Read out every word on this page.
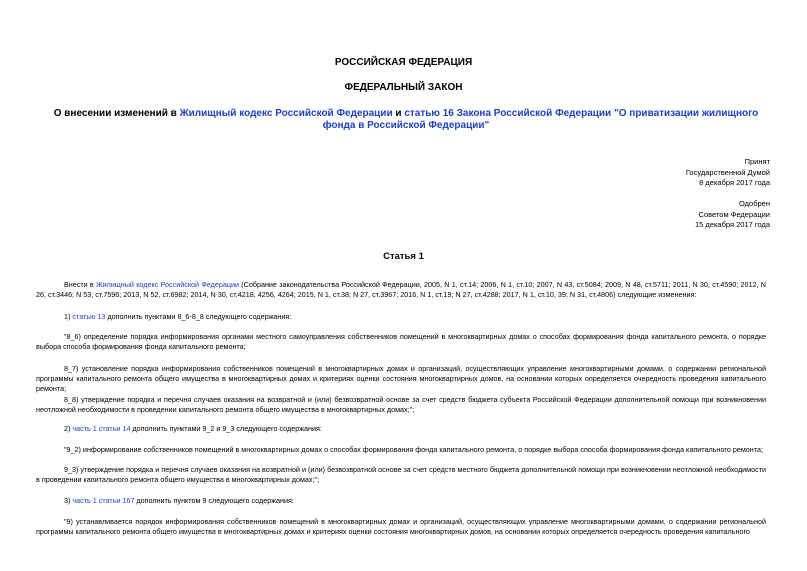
РОССИЙСКАЯ ФЕДЕРАЦИЯ
ФЕДЕРАЛЬНЫЙ ЗАКОН
О внесении изменений в Жилищный кодекс Российской Федерации и статью 16 Закона Российской Федерации "О приватизации жилищного фонда в Российской Федерации"
Принят
Государственной Думой
8 декабря 2017 года
Одобрен
Советом Федерации
15 декабря 2017 года
Статья 1
Внести в Жилищный кодекс Российской Федерации (Собрание законодательства Российской Федерации, 2005, N 1, ст.14; 2006, N 1, ст.10; 2007, N 43, ст.5084; 2009, N 48, ст.5711; 2011, N 30, ст.4590; 2012, N 26, ст.3446; N 53, ст.7596; 2013, N 52, ст.6982; 2014, N 30, ст.4218, 4256, 4264; 2015, N 1, ст.38; N 27, ст.3967; 2016, N 1, ст.19; N 27, ст.4288; 2017, N 1, ст.10, 39; N 31, ст.4806) следующие изменения:
1) статью 13 дополнить пунктами 8_6-8_8 следующего содержания:
"8_6) определение порядка информирования органами местного самоуправления собственников помещений в многоквартирных домах о способах формирования фонда капитального ремонта, о порядке выбора способа формирования фонда капитального ремонта;
8_7) установление порядка информирования собственников помещений в многоквартирных домах и организаций, осуществляющих управление многоквартирными домами, о содержании региональной программы капитального ремонта общего имущества в многоквартирных домах и критериях оценки состояния многоквартирных домов, на основании которых определяется очередность проведения капитального ремонта;
8_8) утверждение порядка и перечня случаев оказания на возвратной и (или) безвозвратной основе за счет средств бюджета субъекта Российской Федерации дополнительной помощи при возникновении неотложной необходимости в проведении капитального ремонта общего имущества в многоквартирных домах;";
2) часть 1 статьи 14 дополнить пунктами 9_2 и 9_3 следующего содержания:
"9_2) информирование собственников помещений в многоквартирных домах о способах формирования фонда капитального ремонта, о порядке выбора способа формирования фонда капитального ремонта;
9_3) утверждение порядка и перечня случаев оказания на возвратной и (или) безвозвратной основе за счет средств местного бюджета дополнительной помощи при возникновении неотложной необходимости в проведении капитального ремонта общего имущества в многоквартирных домах;";
3) часть 1 статьи 167 дополнить пунктом 9 следующего содержания:
"9) устанавливается порядок информирования собственников помещений в многоквартирных домах и организаций, осуществляющих управление многоквартирными домами, о содержании региональной программы капитального ремонта общего имущества в многоквартирных домах и критериях оценки состояния многоквартирных домов, на основании которых определяется очередность проведения капитального
